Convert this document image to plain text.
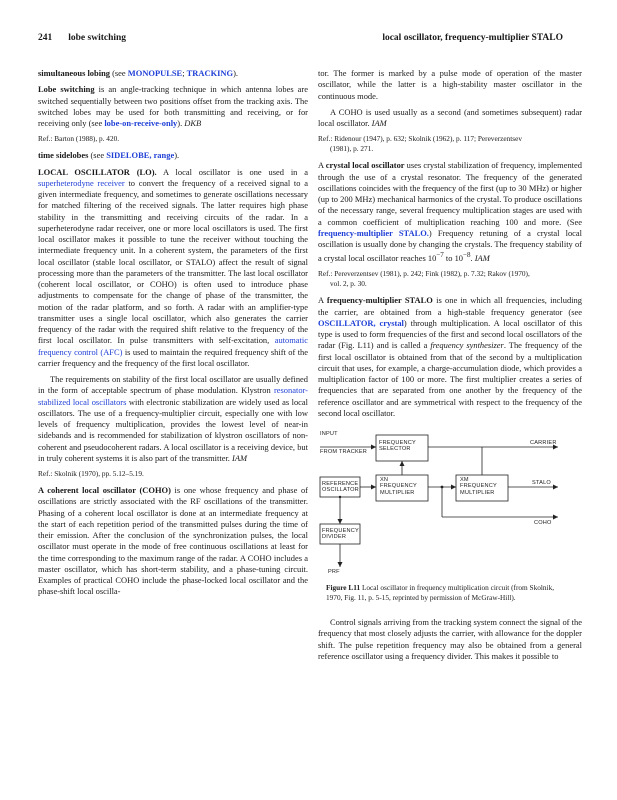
241 lobe switching	local oscillator, frequency-multiplier STALO

simultaneous lobing (see MONOPULSE; TRACKING).

Lobe switching is an angle-tracking technique in which antenna lobes are switched sequentially between two positions offset from the tracking axis. The switched lobes may be used for both transmitting and receiving, or for receiving only (see lobe-on-receive-only). DKB

Ref.: Barton (1988), p. 420.

time sidelobes (see SIDELOBE, range).

LOCAL OSCILLATOR (LO). A local oscillator is one used in a superheterodyne receiver to convert the frequency of a received signal to a given intermediate frequency, and sometimes to generate oscillations necessary for matched filtering of the received signals. The latter requires high phase stability in the transmitting and receiving circuits of the radar. In a superheterodyne radar receiver, one or more local oscillators is used. The first local oscillator makes it possible to tune the receiver without touching the intermediate frequency unit. In a coherent system, the parameters of the first local oscillator (stable local oscillator, or STALO) affect the result of signal processing more than the parameters of the transmitter. The last local oscillator (coherent local oscillator, or COHO) is often used to introduce phase adjustments to compensate for the change of phase of the transmitter, the motion of the radar platform, and so forth. A radar with an amplifier-type transmitter uses a single local oscillator, which also generates the carrier frequency of the radar with the required shift relative to the frequency of the first local oscillator. In pulse transmitters with self-excitation, automatic frequency control (AFC) is used to maintain the required frequency shift of the carrier frequency and the frequency of the first local oscillator.

The requirements on stability of the first local oscillator are usually defined in the form of acceptable spectrum of phase modulation. Klystron resonator-stabilized local oscillators with electronic stabilization are widely used as local oscillators. The use of a frequency-multiplier circuit, especially one with low levels of frequency multiplication, provides the lowest level of near-in sidebands and is recommended for stabilization of klystron oscillators of non-coherent and pseudocoherent radars. A local oscillator is a receiving device, but in truly coherent systems it is also part of the transmitter. IAM

Ref.: Skolnik (1970), pp. 5.12–5.19.

A coherent local oscillator (COHO) is one whose frequency and phase of oscillations are strictly associated with the RF oscillations of the transmitter. Phasing of a coherent local oscillator is done at an intermediate frequency at the start of each repetition period of the transmitted pulses during the time of their emission. After the conclusion of the synchronization pulses, the local oscillator must operate in the mode of free continuous oscillations at least for the time corresponding to the maximum range of the radar. A COHO includes a master oscillator, which has short-term stability, and a phase-tuning circuit. Examples of practical COHO include the phase-locked local oscillator and the phase-shift local oscilla-

tor. The former is marked by a pulse mode of operation of the master oscillator, while the latter is a high-stability master oscillator in the continuous mode.

A COHO is used usually as a second (and sometimes subsequent) radar local oscillator. IAM

Ref.: Ridenour (1947), p. 632; Skolnik (1962), p. 117; Pereverzentsev
(1981), p. 271.

A crystal local oscillator uses crystal stabilization of frequency, implemented through the use of a crystal resonator. The frequency of the generated oscillations coincides with the frequency of the first (up to 30 MHz) or higher (up to 200 MHz) mechanical harmonics of the crystal. To produce oscillations of the necessary range, several frequency multiplication stages are used with a common coefficient of multiplication reaching 100 and more. (See frequency-multiplier STALO.) Frequency retuning of a crystal local oscillation is usually done by changing the crystals. The frequency stability of a crystal local oscillator reaches $10^{-7}$ to $10^{-8}$. IAM

Ref.: Pereverzentsev (1981), p. 242; Fink (1982), p. 7.32; Rakov (1970),
vol. 2, p. 30.

A frequency-multiplier STALO is one in which all frequencies, including the carrier, are obtained from a high-stable frequency generator (see OSCILLATOR, crystal) through multiplication. A local oscillator of this type is used to form frequencies of the first and second local oscillators of the radar (Fig. L11) and is called a frequency synthesizer. The frequency of the first local oscillator is obtained from that of the second by a multiplication circuit that uses, for example, a charge-accumulation diode, which provides a multiplication factor of 100 or more. The first multiplier creates a series of frequencies that are separated from one another by the frequency of the reference oscillator and are symmetrical with respect to the frequency of the second local oscillator.

INPUT
FROM TRACKER
FREQUENCY
SELECTOR
CARRIER
REFERENCE
OSCILLATOR
XN
FREQUENCY
MULTIPLIER
XM
FREQUENCY
MULTIPLIER
STALO
COHO
FREQUENCY
DIVIDER
PRF

Figure L11 Local oscillator in frequency multiplication circuit (from Skolnik, 1970, Fig. 11, p. 5-15, reprinted by permission of McGraw-Hill).

Control signals arriving from the tracking system connect the signal of the frequency that most closely adjusts the carrier, with allowance for the doppler shift. The pulse repetition frequency may also be obtained from a general reference oscillator using a frequency divider. This makes it possible to
